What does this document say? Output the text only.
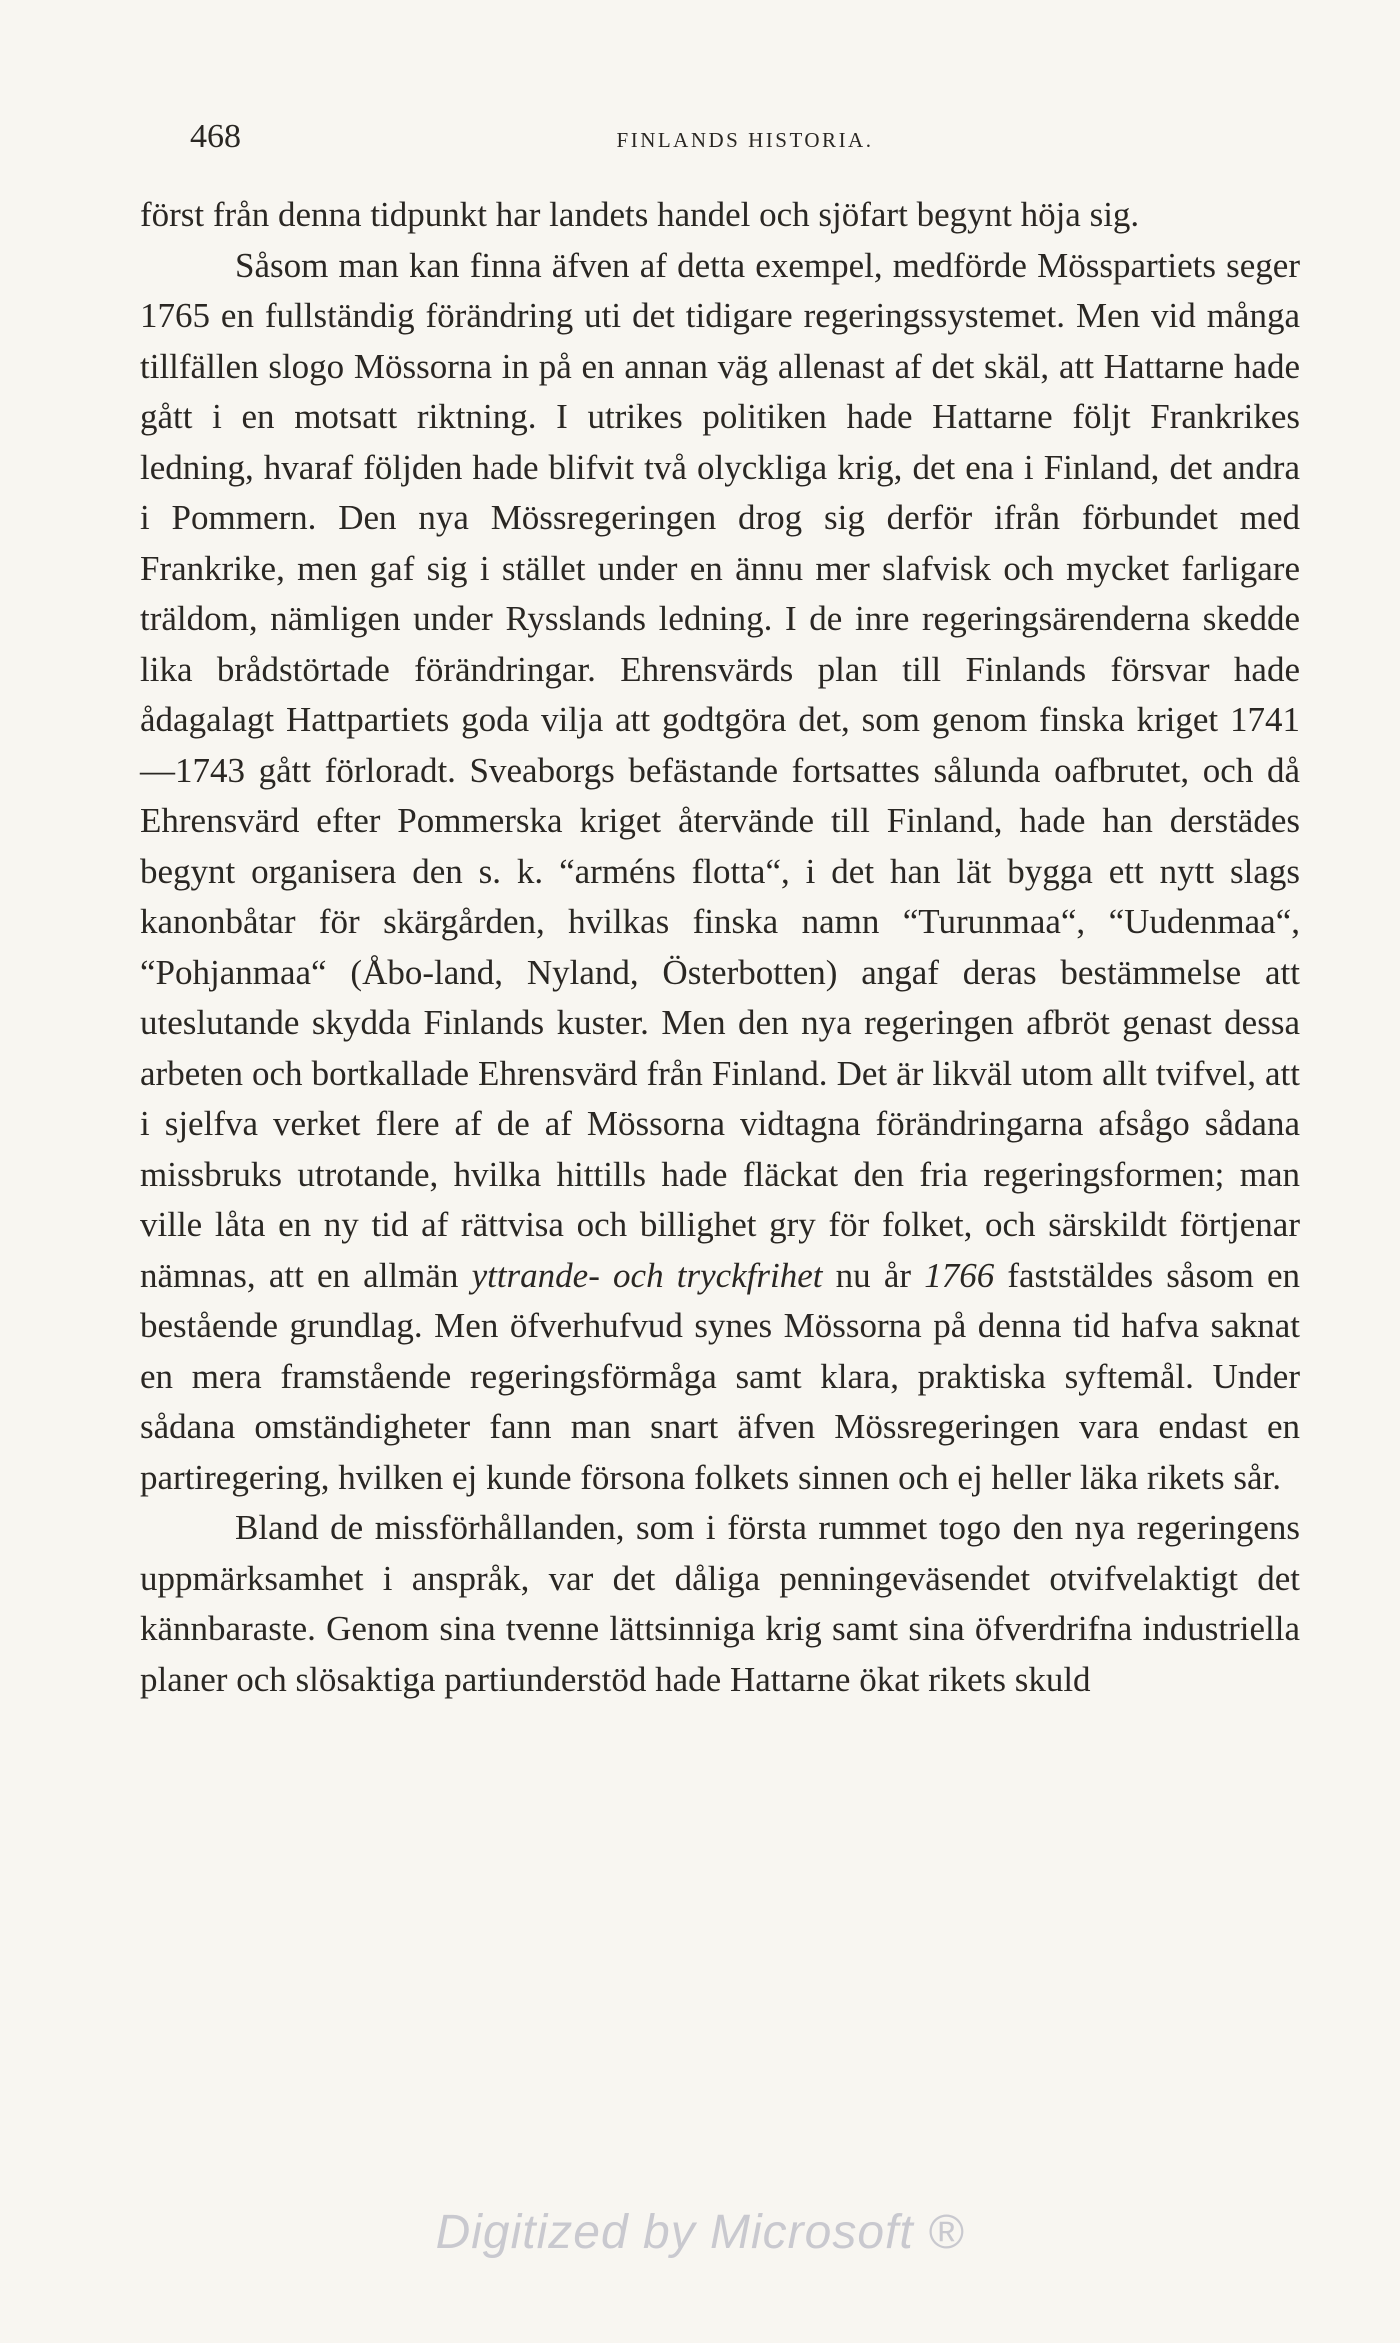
468	FINLANDS HISTORIA.

först från denna tidpunkt har landets handel och sjöfart begynt höja sig.

Såsom man kan finna äfven af detta exempel, medförde Mösspartiets seger 1765 en fullständig förändring uti det tidigare regeringssystemet. Men vid många tillfällen slogo Mössorna in på en annan väg allenast af det skäl, att Hattarne hade gått i en motsatt riktning. I utrikes politiken hade Hattarne följt Frankrikes ledning, hvaraf följden hade blifvit två olyckliga krig, det ena i Finland, det andra i Pommern. Den nya Mössregeringen drog sig derför ifrån förbundet med Frankrike, men gaf sig i stället under en ännu mer slafvisk och mycket farligare träldom, nämligen under Rysslands ledning. I de inre regeringsärenderna skedde lika brådstörtade förändringar. Ehrensvärds plan till Finlands försvar hade ådagalagt Hattpartiets goda vilja att godtgöra det, som genom finska kriget 1741—1743 gått förloradt. Sveaborgs befästande fortsattes sålunda oafbrutet, och då Ehrensvärd efter Pommerska kriget återvände till Finland, hade han derstädes begynt organisera den s. k. “arméns flotta“, i det han lät bygga ett nytt slags kanonbåtar för skärgården, hvilkas finska namn “Turunmaa“, “Uudenmaa“, “Pohjanmaa“ (Åbo-land, Nyland, Österbotten) angaf deras bestämmelse att uteslutande skydda Finlands kuster. Men den nya regeringen afbröt genast dessa arbeten och bortkallade Ehrensvärd från Finland. Det är likväl utom allt tvifvel, att i sjelfva verket flere af de af Mössorna vidtagna förändringarna afsågo sådana missbruks utrotande, hvilka hittills hade fläckat den fria regeringsformen; man ville låta en ny tid af rättvisa och billighet gry för folket, och särskildt förtjenar nämnas, att en allmän yttrande- och tryckfrihet nu år 1766 faststäldes såsom en bestående grundlag. Men öfverhufvud synes Mössorna på denna tid hafva saknat en mera framstående regeringsförmåga samt klara, praktiska syftemål. Under sådana omständigheter fann man snart äfven Mössregeringen vara endast en partiregering, hvilken ej kunde försona folkets sinnen och ej heller läka rikets sår.

Bland de missförhållanden, som i första rummet togo den nya regeringens uppmärksamhet i anspråk, var det dåliga penningeväsendet otvifvelaktigt det kännbaraste. Genom sina tvenne lättsinniga krig samt sina öfverdrifna industriella planer och slösaktiga partiunderstöd hade Hattarne ökat rikets skuld

Digitized by Microsoft ®
